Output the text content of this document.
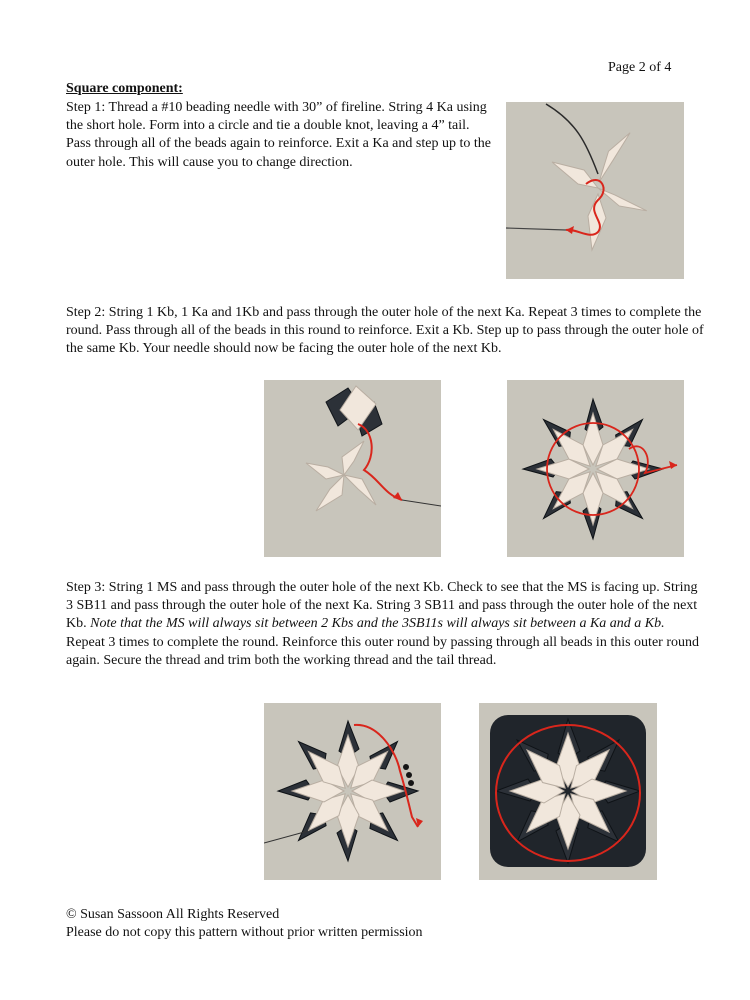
Page 2 of 4
Square component:
Step 1: Thread a #10 beading needle with 30” of fireline. String 4 Ka using the short hole. Form into a circle and tie a double knot, leaving a 4” tail. Pass through all of the beads again to reinforce. Exit a Ka and step up to the outer hole. This will cause you to change direction.
Step 2: String 1 Kb, 1 Ka and 1Kb and pass through the outer hole of the next Ka. Repeat 3 times to complete the round. Pass through all of the beads in this round to reinforce. Exit a Kb. Step up to pass through the outer hole of the same Kb. Your needle should now be facing the outer hole of the next Kb.
Step 3: String 1 MS and pass through the outer hole of the next Kb. Check to see that the MS is facing up. String 3 SB11 and pass through the outer hole of the next Ka. String 3 SB11 and pass through the outer hole of the next Kb. Note that the MS will always sit between 2 Kbs and the 3SB11s will always sit between a Ka and a Kb. Repeat 3 times to complete the round. Reinforce this outer round by passing through all beads in this outer round again. Secure the thread and trim both the working thread and the tail thread.
© Susan Sassoon All Rights Reserved
Please do not copy this pattern without prior written permission
